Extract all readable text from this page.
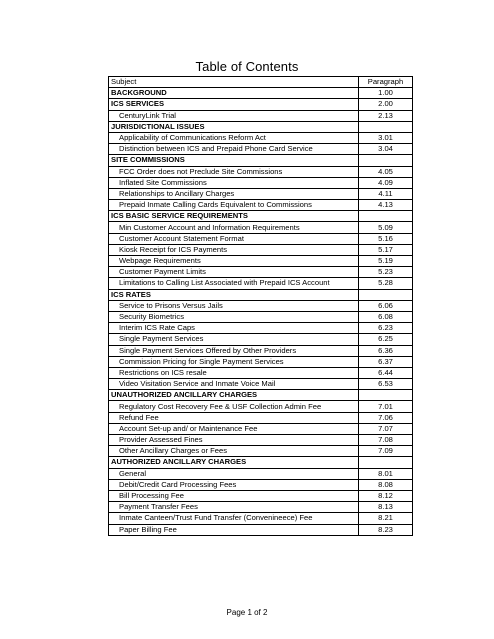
Table of Contents
Subject	Paragraph
BACKGROUND	1.00
ICS SERVICES	2.00
CenturyLink Trial	2.13
JURISDICTIONAL ISSUES	
Applicability of Communications Reform Act	3.01
Distinction between ICS and Prepaid Phone Card Service	3.04
SITE COMMISSIONS	
FCC Order does not Preclude Site Commissions	4.05
Inflated Site Commissions	4.09
Relationships to Ancillary Charges	4.11
Prepaid Inmate Calling Cards Equivalent to Commissions	4.13
ICS BASIC SERVICE REQUIREMENTS	
Min Customer Account and Information Requirements	5.09
Customer Account Statement Format	5.16
Kiosk Receipt for ICS Payments	5.17
Webpage Requirements	5.19
Customer Payment Limits	5.23
Limitations to Calling List Associated with Prepaid ICS Account	5.28
ICS RATES	
Service to Prisons Versus Jails	6.06
Security Biometrics	6.08
Interim ICS Rate Caps	6.23
Single Payment Services	6.25
Single Payment Services Offered by Other Providers	6.36
Commission Pricing for Single Payment Services	6.37
Restrictions on ICS resale	6.44
Video Visitation Service and Inmate Voice Mail	6.53
UNAUTHORIZED ANCILLARY CHARGES	
Regulatory Cost Recovery Fee & USF Collection Admin Fee	7.01
Refund Fee	7.06
Account Set-up and/ or Maintenance Fee	7.07
Provider Assessed Fines	7.08
Other Ancillary Charges or Fees	7.09
AUTHORIZED ANCILLARY CHARGES	
General	8.01
Debit/Credit Card Processing Fees	8.08
Bill Processing Fee	8.12
Payment Transfer Fees	8.13
Inmate Canteen/Trust Fund Transfer (Convenineece) Fee	8.21
Paper Billing Fee	8.23
Page 1 of 2
